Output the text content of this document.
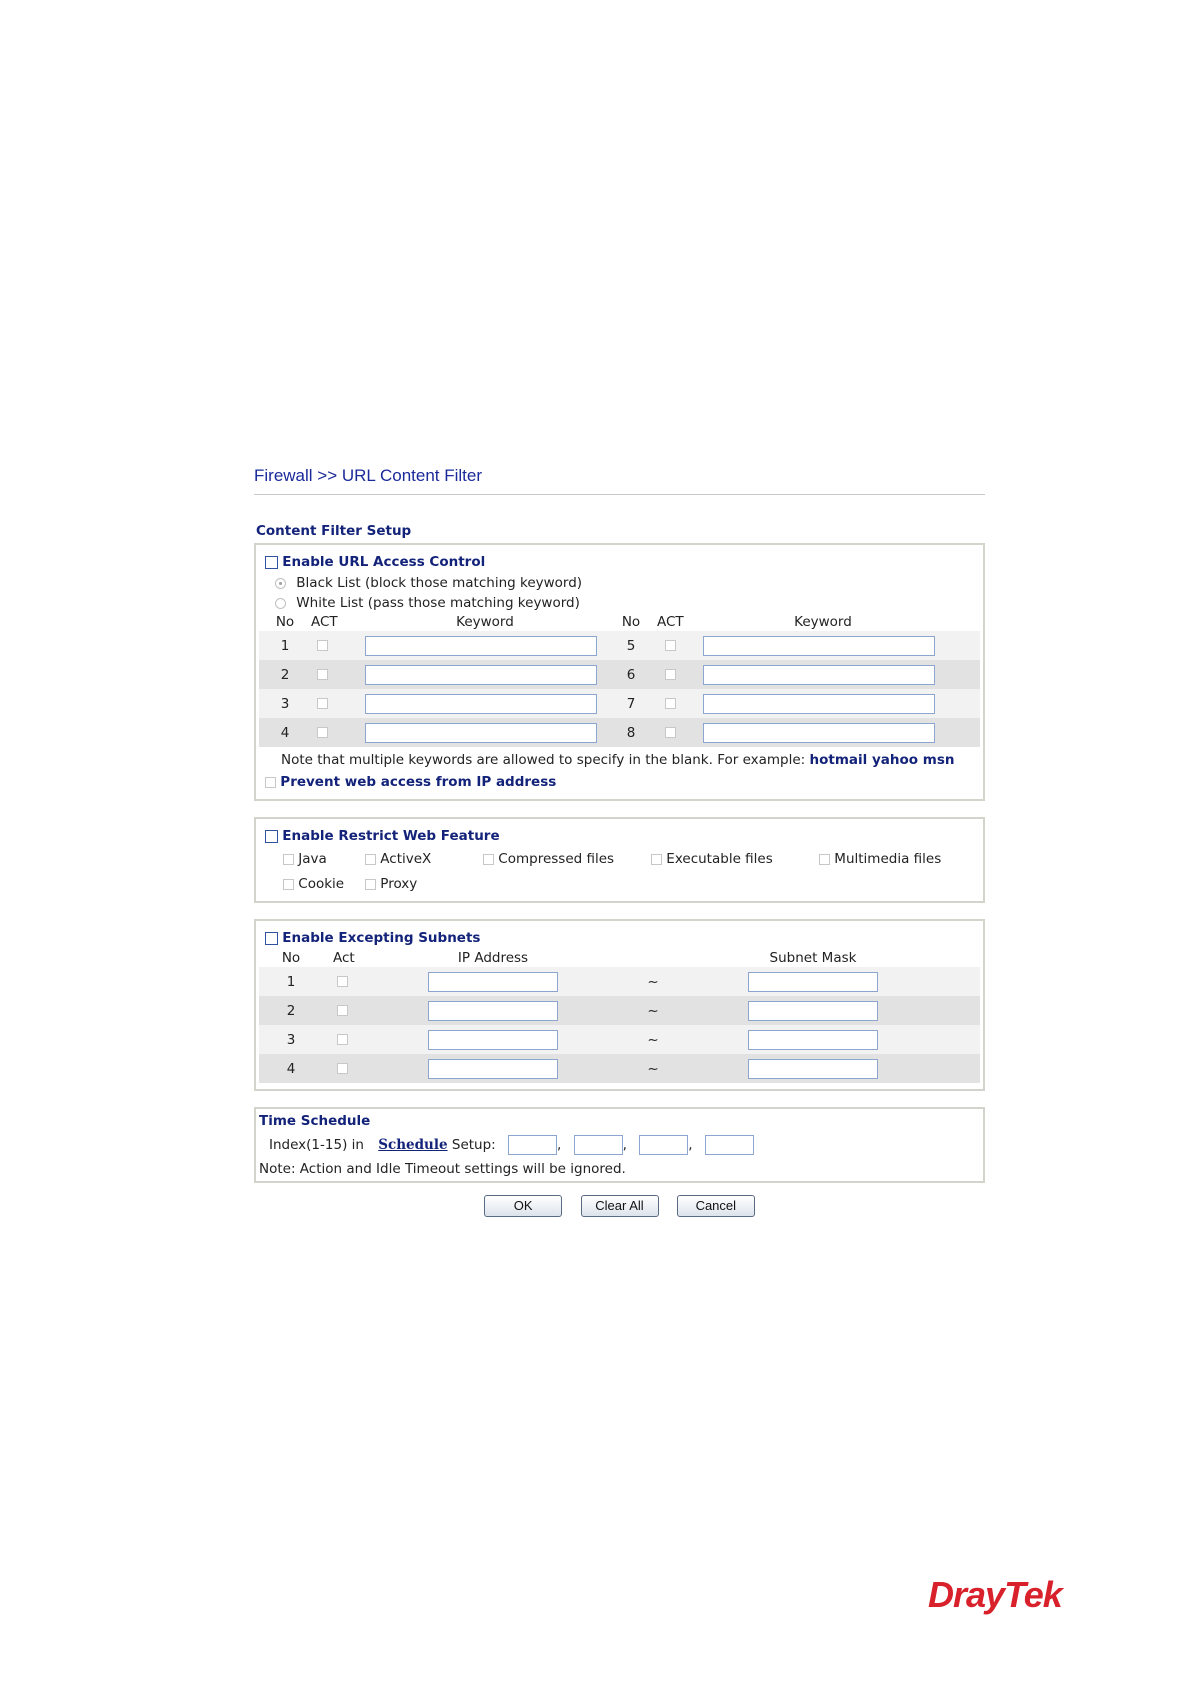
Firewall >> URL Content Filter
Content Filter Setup
Enable URL Access Control
Black List (block those matching keyword)
White List (pass those matching keyword)
No	ACT	Keyword	No	ACT	Keyword	
1			5			
2			6			
3			7			
4			8			
Note that multiple keywords are allowed to specify in the blank. For example: hotmail yahoo msn
Prevent web access from IP address
Enable Restrict Web Feature
Java	ActiveX	Compressed files	Executable files	Multimedia files
Cookie	Proxy
Enable Excepting Subnets
No	Act	IP Address		Subnet Mask	
1			~		
2			~		
3			~		
4			~		
Time Schedule
Index(1-15) in Schedule Setup:	,	,	,
Note: Action and Idle Timeout settings will be ignored.
OK	Clear All	Cancel
DrayTek
